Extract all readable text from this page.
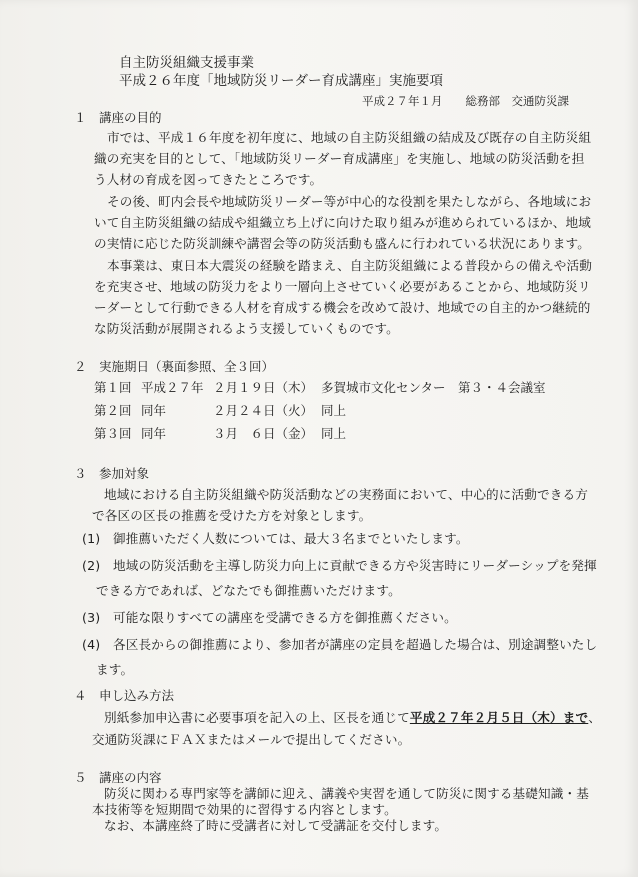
自主防災組織支援事業
平成２６年度「地域防災リーダー育成講座」実施要項
平成２７年１月　　総務部　交通防災課
１　講座の目的
市では、平成１６年度を初年度に、地域の自主防災組織の結成及び既存の自主防災組
織の充実を目的として、「地域防災リーダー育成講座」を実施し、地域の防災活動を担
う人材の育成を図ってきたところです。
その後、町内会長や地域防災リーダー等が中心的な役割を果たしながら、各地域にお
いて自主防災組織の結成や組織立ち上げに向けた取り組みが進められているほか、地域
の実情に応じた防災訓練や講習会等の防災活動も盛んに行われている状況にあります。
本事業は、東日本大震災の経験を踏まえ、自主防災組織による普段からの備えや活動
を充実させ、地域の防災力をより一層向上させていく必要があることから、地域防災リ
ーダーとして行動できる人材を育成する機会を改めて設け、地域での自主的かつ継続的
な防災活動が展開されるよう支援していくものです。
２　実施期日（裏面参照、全３回）
第１回 平成２７年 ２月１９日（木） 多賀城市文化センター　第３・４会議室
第２回 同年	２月２４日（火） 同上
第３回 同年	３月　６日（金） 同上
３　参加対象
地域における自主防災組織や防災活動などの実務面において、中心的に活動できる方
で各区の区長の推薦を受けた方を対象とします。
(1)　御推薦いただく人数については、最大３名までといたします。
(2)　地域の防災活動を主導し防災力向上に貢献できる方や災害時にリーダーシップを発揮
できる方であれば、どなたでも御推薦いただけます。
(3)　可能な限りすべての講座を受講できる方を御推薦ください。
(4)　各区長からの御推薦により、参加者が講座の定員を超過した場合は、別途調整いたし
ます。
４　申し込み方法
別紙参加申込書に必要事項を記入の上、区長を通じて平成２７年２月５日（木）まで、
交通防災課にＦＡＸまたはメールで提出してください。
５　講座の内容
防災に関わる専門家等を講師に迎え、講義や実習を通して防災に関する基礎知識・基
本技術等を短期間で効果的に習得する内容とします。
なお、本講座終了時に受講者に対して受講証を交付します。
